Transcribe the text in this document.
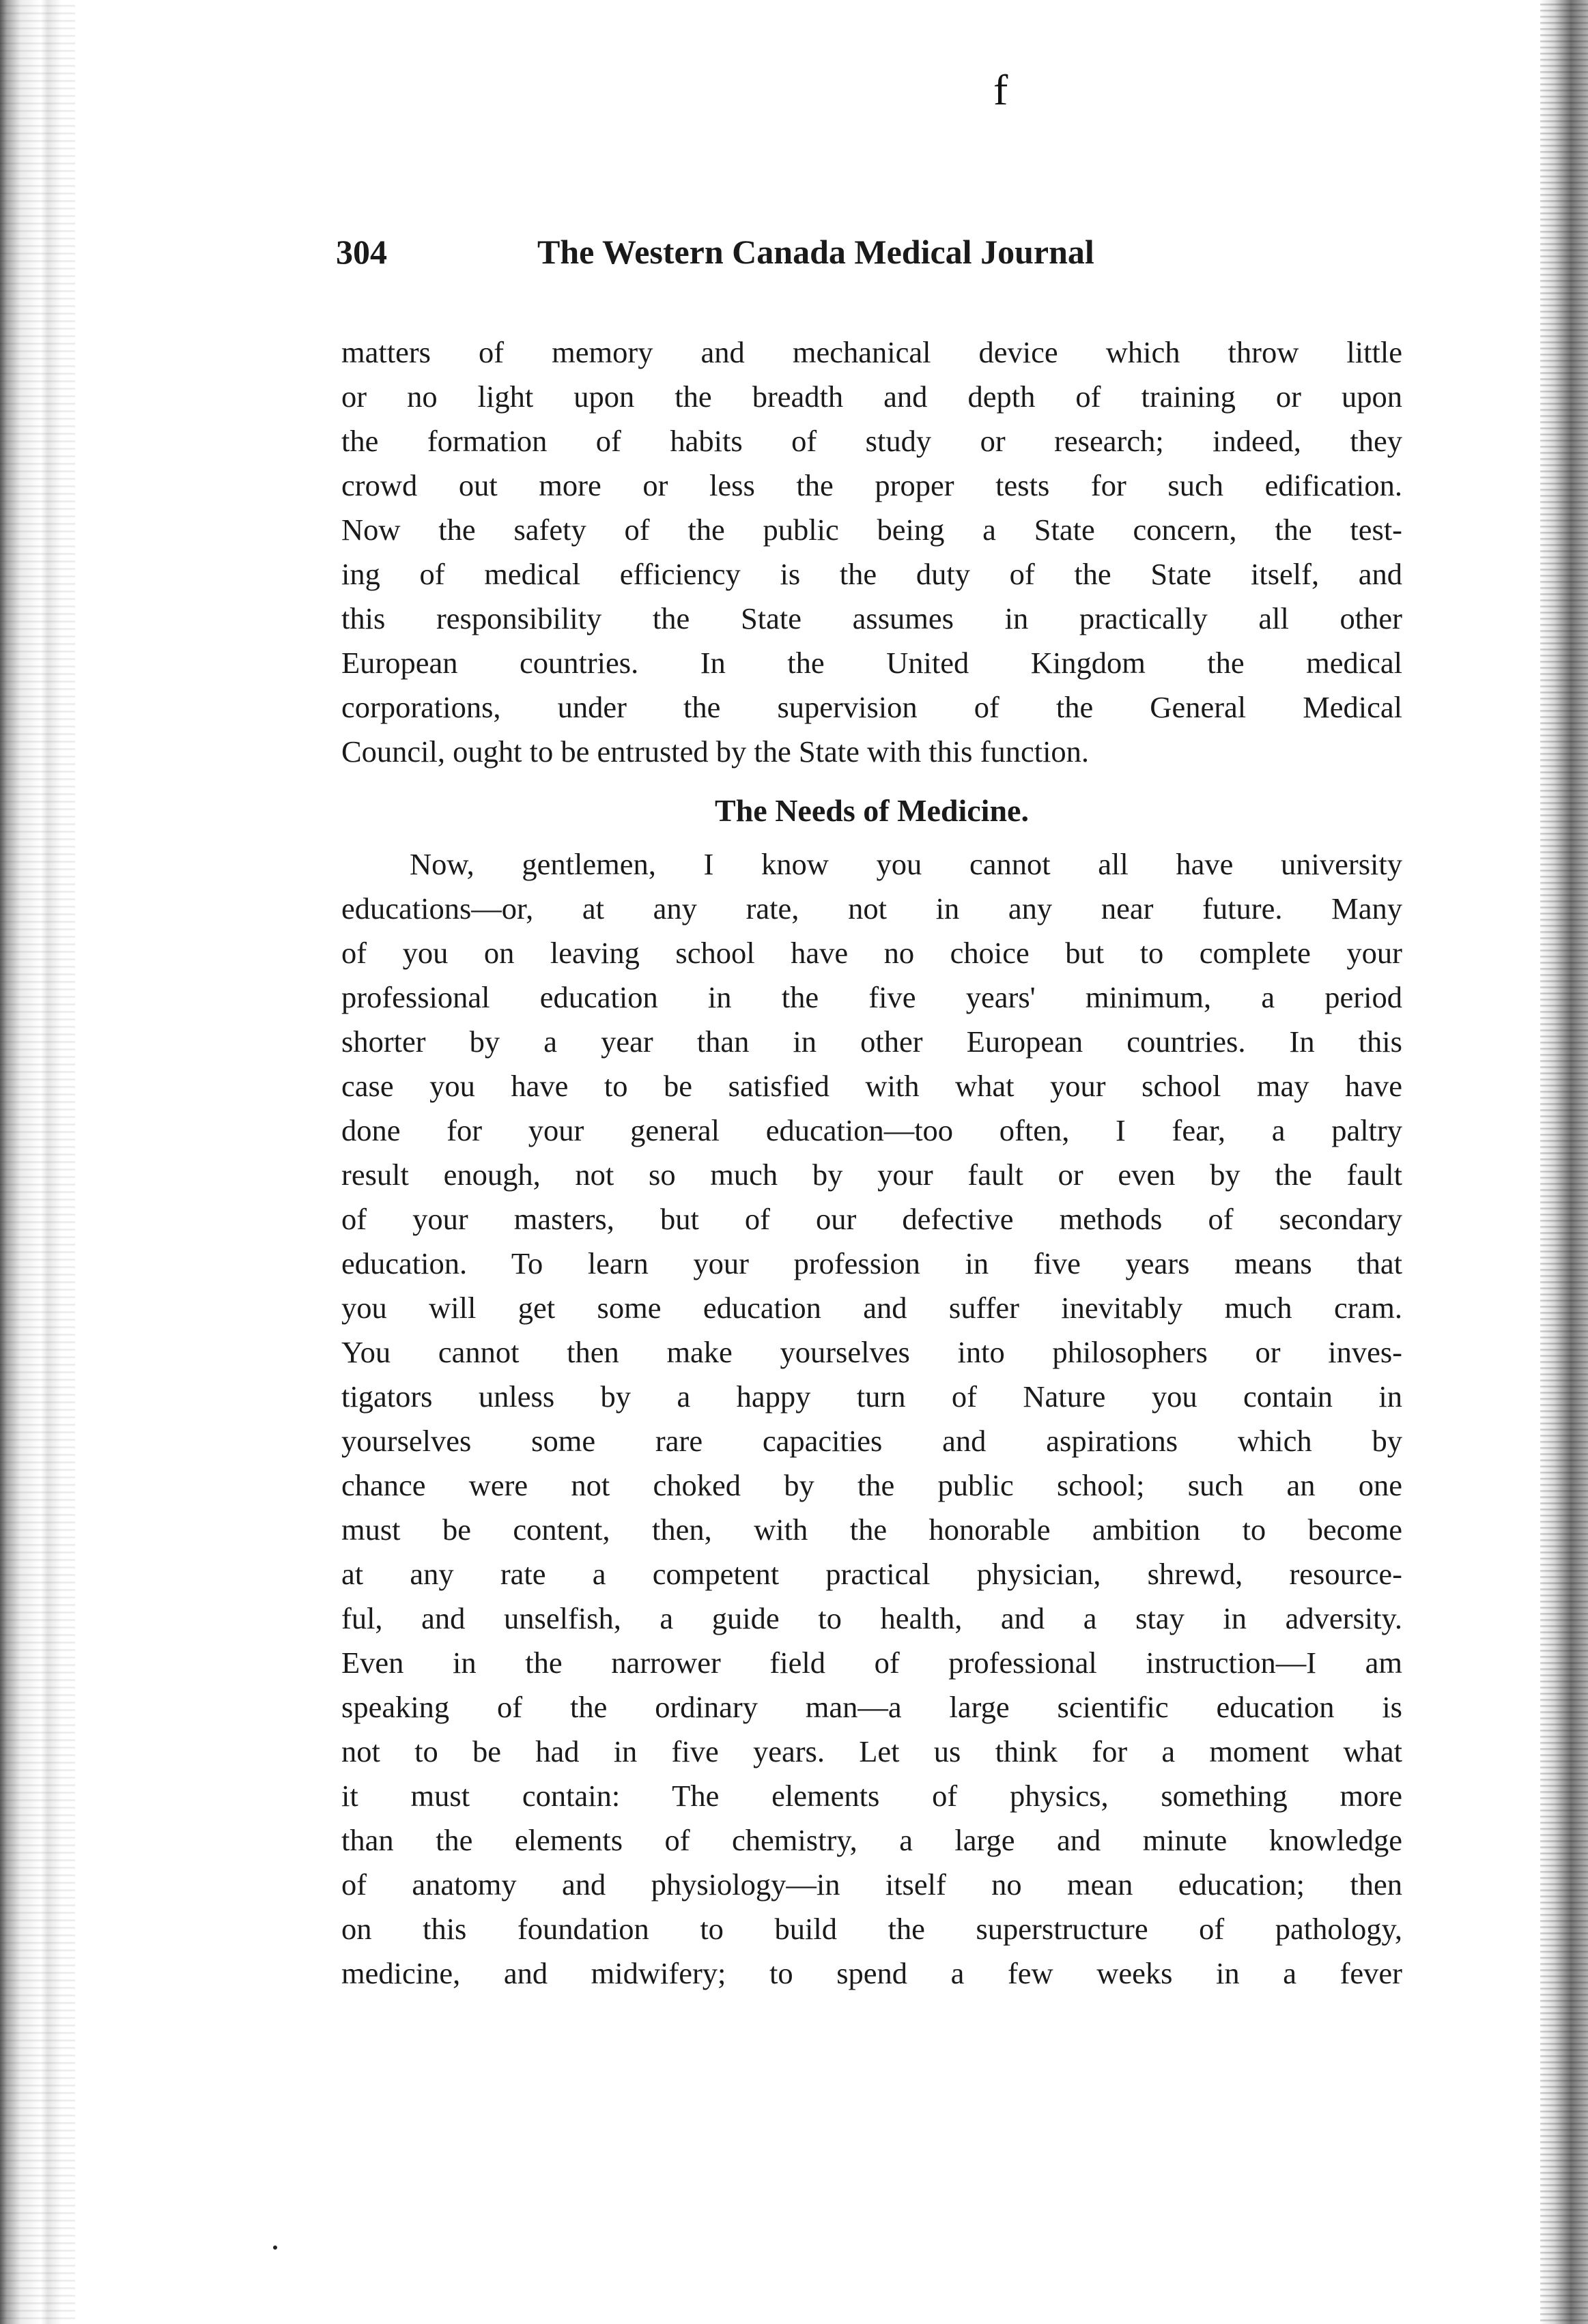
f
304	The Western Canada Medical Journal
matters of memory and mechanical device which throw little
or no light upon the breadth and depth of training or upon
the formation of habits of study or research; indeed, they
crowd out more or less the proper tests for such edification.
Now the safety of the public being a State concern, the test-
ing of medical efficiency is the duty of the State itself, and
this responsibility the State assumes in practically all other
European countries. In the United Kingdom the medical
corporations, under the supervision of the General Medical
Council, ought to be entrusted by the State with this function.
The Needs of Medicine.
Now, gentlemen, I know you cannot all have university
educations—or, at any rate, not in any near future. Many
of you on leaving school have no choice but to complete your
professional education in the five years' minimum, a period
shorter by a year than in other European countries. In this
case you have to be satisfied with what your school may have
done for your general education—too often, I fear, a paltry
result enough, not so much by your fault or even by the fault
of your masters, but of our defective methods of secondary
education. To learn your profession in five years means that
you will get some education and suffer inevitably much cram.
You cannot then make yourselves into philosophers or inves-
tigators unless by a happy turn of Nature you contain in
yourselves some rare capacities and aspirations which by
chance were not choked by the public school; such an one
must be content, then, with the honorable ambition to become
at any rate a competent practical physician, shrewd, resource-
ful, and unselfish, a guide to health, and a stay in adversity.
Even in the narrower field of professional instruction—I am
speaking of the ordinary man—a large scientific education is
not to be had in five years. Let us think for a moment what
it must contain: The elements of physics, something more
than the elements of chemistry, a large and minute knowledge
of anatomy and physiology—in itself no mean education; then
on this foundation to build the superstructure of pathology,
medicine, and midwifery; to spend a few weeks in a fever
